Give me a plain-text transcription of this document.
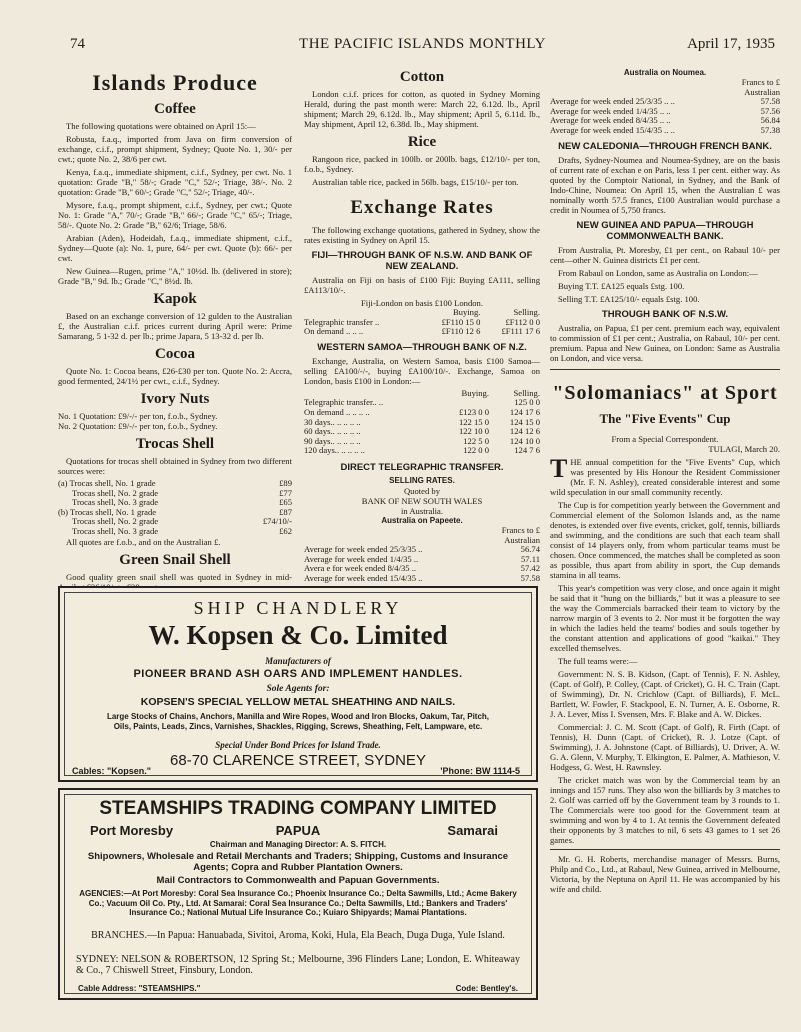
74	THE PACIFIC ISLANDS MONTHLY	April 17, 1935
Islands Produce
Coffee

The following quotations were obtained on April 15:—

Robusta, f.a.q., imported from Java on firm conversion of exchange, c.i.f., prompt shipment, Sydney; Quote No. 1, 30/- per cwt.; quote No. 2, 38/6 per cwt.

Kenya, f.a.q., immediate shipment, c.i.f., Sydney, per cwt. No. 1 quotation: Grade "B," 58/-; Grade "C," 52/-; Triage, 38/-. No. 2 quotation: Grade "B," 60/-; Grade "C," 52/-; Triage, 40/-.

Mysore, f.a.q., prompt shipment, c.i.f., Sydney, per cwt.; Quote No. 1: Grade "A," 70/-; Grade "B," 66/-; Grade "C," 65/-; Triage, 58/-. Quote No. 2: Grade "B," 62/6; Triage, 58/6.

Arabian (Aden), Hodeidah, f.a.q., immediate shipment, c.i.f., Sydney—Quote (a): No. 1, pure, 64/- per cwt. Quote (b): 66/- per cwt.

New Guinea—Rugen, prime "A," 10½d. lb. (delivered in store); Grade "B," 9d. lb.; Grade "C," 8½d. lb.

Kapok

Based on an exchange conversion of 12 gulden to the Australian £, the Australian c.i.f. prices current during April were: Prime Samarang, 5 1-32 d. per lb.; prime Japara, 5 13-32 d. per lb.

Cocoa

Quote No. 1: Cocoa beans, £26-£30 per ton. Quote No. 2: Accra, good fermented, 24/1½ per cwt., c.i.f., Sydney.

Ivory Nuts
No. 1 Quotation: £9/-/- per ton, f.o.b., Sydney.
No. 2 Quotation: £9/-/- per ton, f.o.b., Sydney.
Trocas Shell

Quotations for trocas shell obtained in Sydney from two different sources were:

(a) Trocas shell, No. 1 grade	£89
Trocas shell, No. 2 grade	£77
Trocas shell, No. 3 grade	£65
(b) Trocas shell, No. 1 grade	£87
Trocas shell, No. 2 grade	£74/10/-
Trocas shell, No. 3 grade	£62

All quotes are f.o.b., and on the Australian £.

Green Snail Shell

Good quality green snail shell was quoted in Sydney in mid-

Cotton

London c.i.f. prices for cotton, as quoted in Sydney Morning Herald, during the past month were: March 22, 6.12d. lb., April shipment; March 29, 6.12d. lb., May shipment; April 5, 6.11d. lb., May shipment, April 12, 6.38d. lb., May shipment.

Rice

Rangoon rice, packed in 100lb. or 200lb. bags, £12/10/- per ton, f.o.b., Sydney.

Australian table rice, packed in 56lb. bags, £15/10/- per ton.

Exchange Rates

The following exchange quotations, gathered in Sydney, show the rates existing in Sydney on April 15.

FIJI—THROUGH BANK OF N.S.W. AND BANK OF NEW ZEALAND.

Australia on Fiji on basis of £100 Fiji: Buying £A111, selling £A113/10/-.

Fiji-London on basis £100 London.
	Buying.	Selling.
Telegraphic transfer ..	£F110 15 0	£F112 0 0
On demand .. .. ..	£F110 12 6	£F111 17 6
WESTERN SAMOA—THROUGH BANK OF N.Z.

Exchange, Australia, on Western Samoa, basis £100 Samoa—selling £A100/-/-, buying £A100/10/-. Exchange, Samoa on London, basis £100 in London:—

	Buying.	Selling.
Telegraphic transfer.. ..		125 0 0
On demand .. .. .. ..	£123 0 0	124 17 6
30 days.. .. .. .. ..	122 15 0	124 15 0
60 days.. .. .. .. ..	122 10 0	124 12 6
90 days.. .. .. .. ..	122 5 0	124 10 0
120 days.. .. .. .. ..	122 0 0	124 7 6
DIRECT TELEGRAPHIC TRANSFER.
SELLING RATES.
Quoted by
BANK OF NEW SOUTH WALES
in Australia.
Australia on Papeete.
	Francs to £
	Australian
Average for week ended 25/3/35 ..	56.74
Average for week ended 1/4/35 ..	57.11
Avera e for week ended 8/4/35 ..	57.42
Average for week ended 15/4/35 ..	57.58
Australia on Noumea.
	Francs to £
	Australian
Average for week ended 25/3/35 .. ..	57.58
Average for week ended 1/4/35 .. ..	57.56
Average for week ended 8/4/35 .. ..	56.84
Average for week ended 15/4/35 .. ..	57.38
NEW CALEDONIA—THROUGH FRENCH BANK.

Drafts, Sydney-Noumea and Noumea-Sydney, are on the basis of current rate of exchan e on Paris, less 1 per cent. either way. As quoted by the Comptoir National, in Sydney, and the Bank of Indo-Chine, Noumea: On April 15, when the Australian £ was nominally worth 57.5 francs, £100 Australian would purchase a credit in Noumea of 5,750 francs.

NEW GUINEA AND PAPUA—THROUGH COMMONWEALTH BANK.

From Australia, Pt. Moresby, £1 per cent., on Rabaul 10/- per cent—other N. Guinea districts £1 per cent.

From Rabaul on London, same as Australia on London:—

Buying T.T. £A125 equals £stg. 100.

Selling T.T. £A125/10/- equals £stg. 100.

THROUGH BANK OF N.S.W.

Australia, on Papua, £1 per cent. premium each way, equivalent to commission of £1 per cent.; Australia, on Rabaul, 10/- per cent. premium. Papua and New Guinea, on London: Same as Australia on London, and vice versa.

"Solomaniacs" at Sport
The "Five Events" Cup
From a Special Correspondent.
TULAGI, March 20.

THE annual competition for the "Five Events" Cup, which was presented by His Honour the Resident Commissioner (Mr. F. N. Ashley), created considerable interest and some wild speculation in our small community recently.

The Cup is for competition yearly between the Government and Commercial element of the Solomon Islands and, as the name denotes, is extended over five events, cricket, golf, tennis, billiards and swimming, and the conditions are such that each team shall consist of 14 players only, from whom particular teams must be chosen. Once commenced, the matches shall be completed as soon as possible, thus apart from ability in sport, the Cup demands stamina in all teams.

This year's competition was very close, and once again it might be said that it "hung on the billiards," but it was a pleasure to see the way the Commercials barracked their team to victory by the narrow margin of 3 events to 2. Nor must it be forgotten the way in which the ladies held the teams' bodies and souls together by the constant attention and applications of good "kaikai." They excelled themselves.

The full teams were:—

Government: N. S. B. Kidson, (Capt. of Tennis), F. N. Ashley, (Capt. of Golf), P. Colley, (Capt. of Cricket), G. H. C. Train (Capt. of Swimming), Dr. N. Crichlow (Capt. of Billiards), F. McL. Bartlett, W. Fowler, F. Stackpool, E. N. Turner, A. E. Osborne, R. J. A. Lever, Miss I. Svensen, Mrs. F. Blake and A. W. Dickes.

Commercial: J. C. M. Scott (Capt. of Golf), R. Firth (Capt. of Tennis), H. Dunn (Capt. of Cricket), R. J. Lotze (Capt. of Swimming), J. A. Johnstone (Capt. of Billiards), U. Driver, A. W. G. A. Glenn, V. Murphy, T. Elkington, E. Palmer, A. Mathieson, V. Hodgess, G. West, H. Rawnsley.

The cricket match was won by the Commercial team by an innings and 157 runs. They also won the billiards by 3 matches to 2. Golf was carried off by the Government team by 3 rounds to 1. The Commercials were too good for the Government team at swimming and won by 4 to 1. At tennis the Government defeated their opponents by 3 matches to nil, 6 sets 43 games to 1 set 26 games.

Mr. G. H. Roberts, merchandise manager of Messrs. Burns, Philp and Co., Ltd., at Rabaul, New Guinea, arrived in Melbourne, Victoria, by the Neptuna on April 11. He was accompanied by his wife and child.

SHIP CHANDLERY
W. Kopsen & Co. Limited
Manufacturers of
PIONEER BRAND ASH OARS AND IMPLEMENT HANDLES.
Sole Agents for:
KOPSEN'S SPECIAL YELLOW METAL SHEATHING AND NAILS.
Large Stocks of Chains, Anchors, Manilla and Wire Ropes, Wood and Iron Blocks, Oakum, Tar, Pitch, Oils, Paints, Leads, Zincs, Varnishes, Shackles, Rigging, Screws, Sheathing, Felt, Lampware, etc.
Special Under Bond Prices for Island Trade.
68-70 CLARENCE STREET, SYDNEY
Cables: "Kopsen."	'Phone: BW 1114-5
STEAMSHIPS TRADING COMPANY LIMITED
Port Moresby	PAPUA	Samarai
Chairman and Managing Director: A. S. FITCH.
Shipowners, Wholesale and Retail Merchants and Traders; Shipping, Customs and Insurance Agents; Copra and Rubber Plantation Owners.
Mail Contractors to Commonwealth and Papuan Governments.
AGENCIES:—At Port Moresby: Coral Sea Insurance Co.; Phoenix Insurance Co.; Delta Sawmills, Ltd.; Acme Bakery Co.; Vacuum Oil Co. Pty., Ltd. At Samarai: Coral Sea Insurance Co.; Delta Sawmills, Ltd.; Bankers and Traders' Insurance Co.; National Mutual Life Insurance Co.; Kuiaro Shipyards; Mamai Plantations.
BRANCHES.—In Papua: Hanuabada, Sivitoi, Aroma, Koki, Hula, Ela Beach, Duga Duga, Yule Island.
SYDNEY: NELSON & ROBERTSON, 12 Spring St.; Melbourne, 396 Flinders Lane; London, E. Whiteaway & Co., 7 Chiswell Street, Finsbury, London.
Cable Address: "STEAMSHIPS."	Code: Bentley's.
